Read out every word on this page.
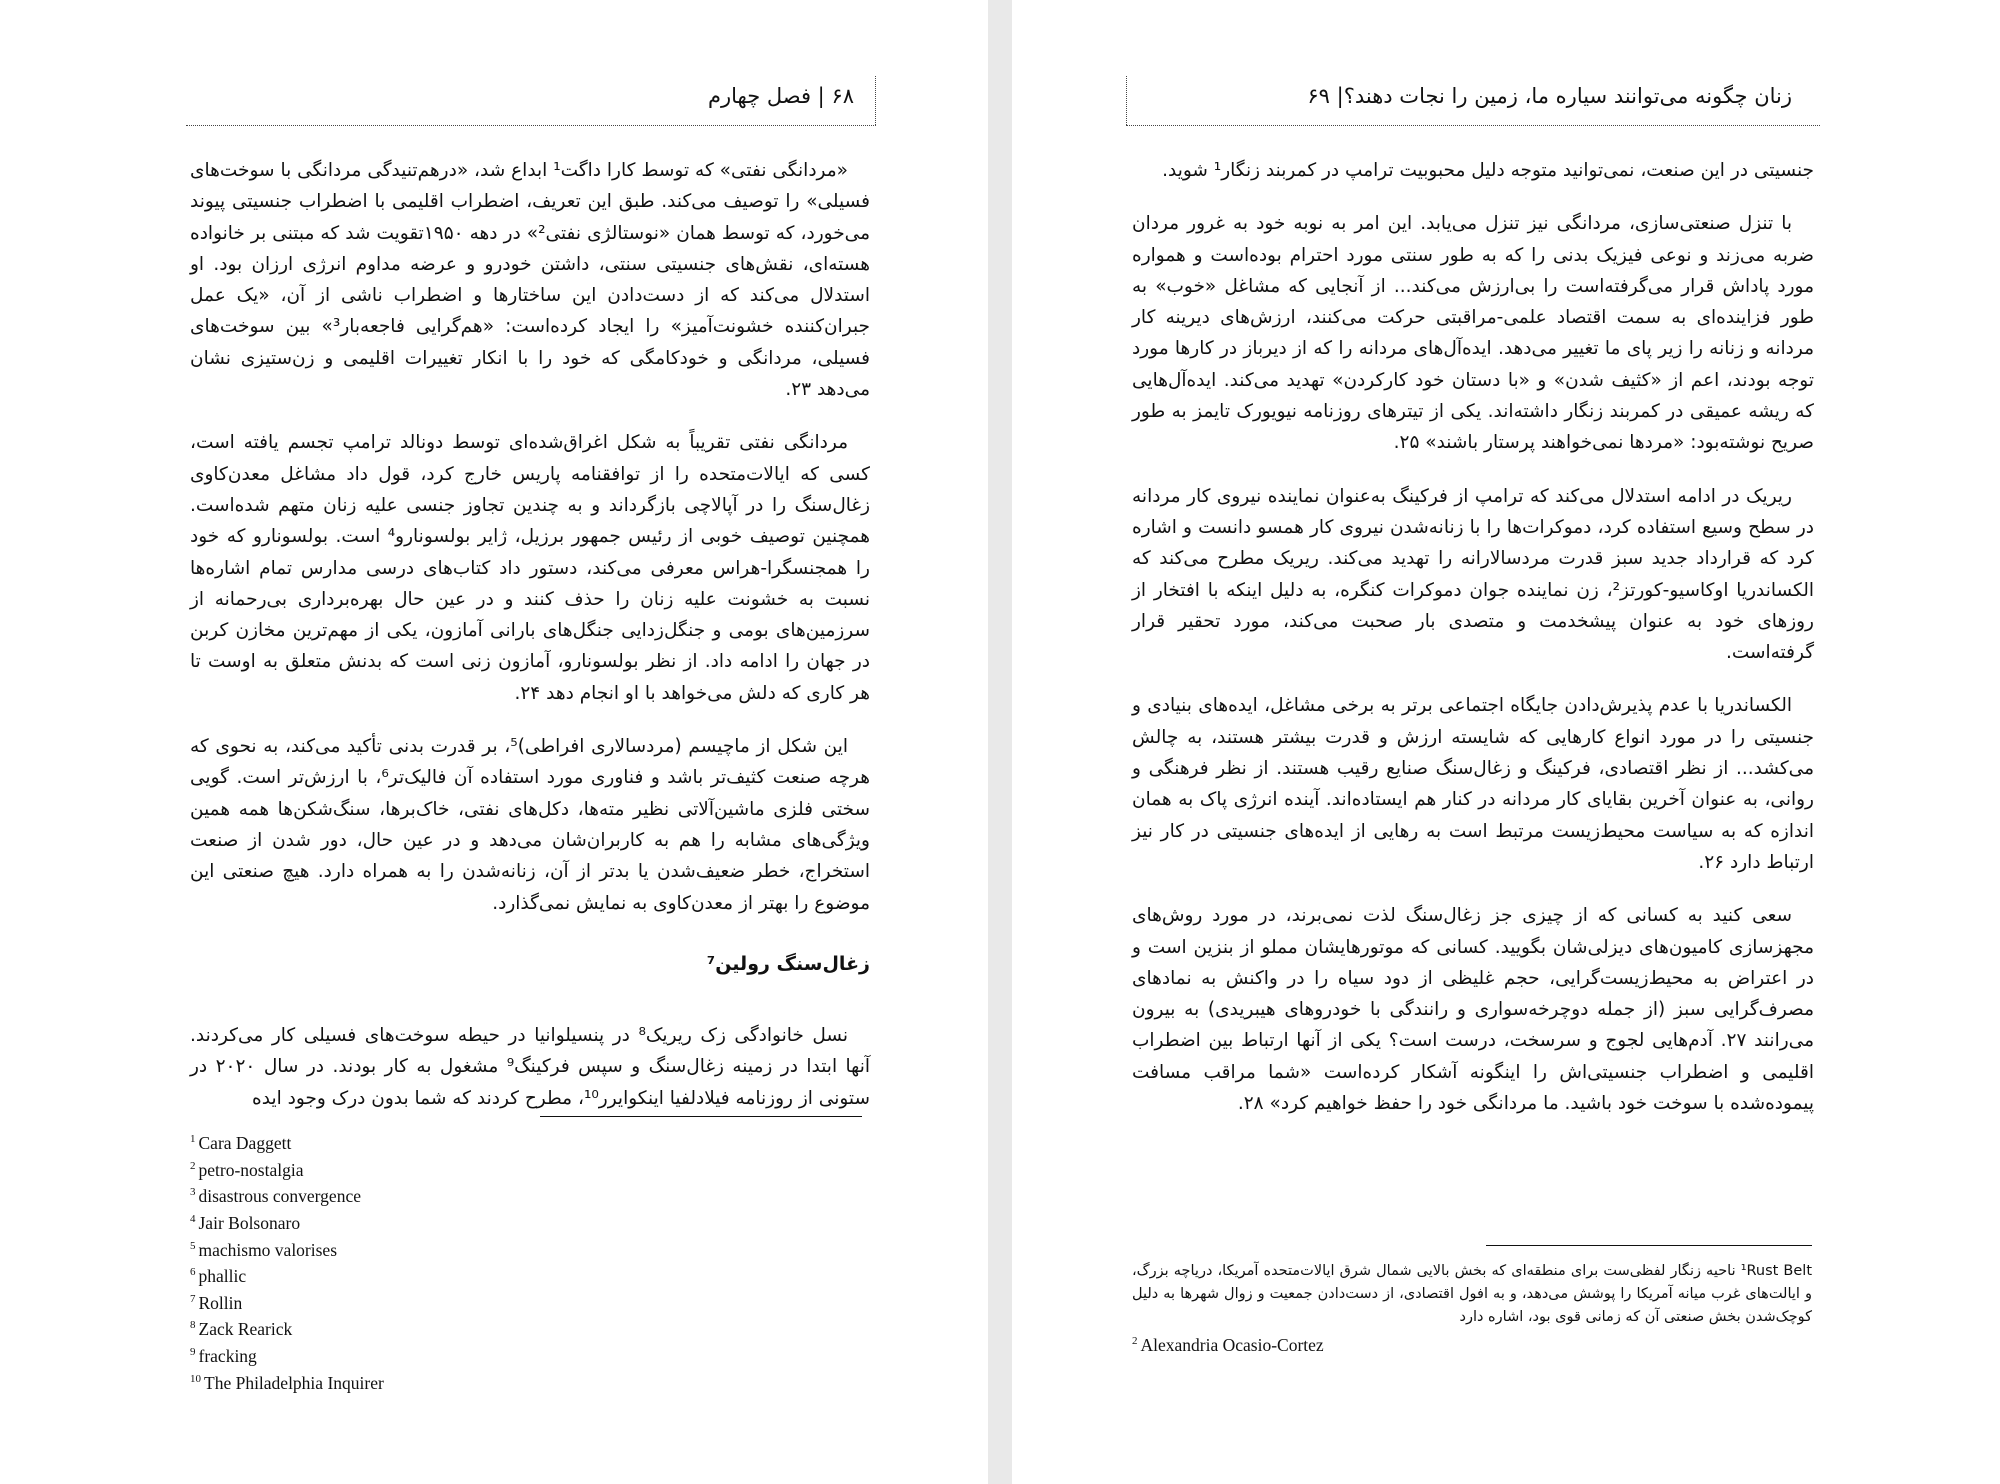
۶۸ | فصل چهارم

«مردانگی نفتی» که توسط کارا داگت¹ ابداع شد، «درهم‌تنیدگی مردانگی با سوخت‌های فسیلی» را توصیف می‌کند. طبق این تعریف، اضطراب اقلیمی با اضطراب جنسیتی پیوند می‌خورد، که توسط همان «نوستالژی نفتی²» در دهه ۱۹۵۰تقویت شد که مبتنی بر خانواده هسته‌ای، نقش‌های جنسیتی سنتی، داشتن خودرو و عرضه مداوم انرژی ارزان بود. او استدلال می‌کند که از دست‌دادن این ساختارها و اضطراب ناشی از آن، «یک عمل جبران‌کننده خشونت‌آمیز» را ایجاد کرده‌است: «هم‌گرایی فاجعه‌بار³» بین سوخت‌های فسیلی، مردانگی و خودکامگی که خود را با انکار تغییرات اقلیمی و زن‌ستیزی نشان می‌دهد ۲۳.

مردانگی نفتی تقریباً به شکل اغراق‌شده‌ای توسط دونالد ترامپ تجسم یافته است، کسی که ایالات‌متحده را از توافقنامه پاریس خارج کرد، قول داد مشاغل معدن‌کاوی زغال‌سنگ را در آپالاچی بازگرداند و به چندین تجاوز جنسی علیه زنان متهم شده‌است. همچنین توصیف خوبی از رئیس جمهور برزیل، ژایر بولسونارو⁴ است. بولسونارو که خود را همجنسگرا-هراس معرفی می‌کند، دستور داد کتاب‌های درسی مدارس تمام اشاره‌ها نسبت به خشونت علیه زنان را حذف کنند و در عین حال بهره‌برداری بی‌رحمانه از سرزمین‌های بومی و جنگل‌زدایی جنگل‌های بارانی آمازون، یکی از مهم‌ترین مخازن کربن در جهان را ادامه داد. از نظر بولسونارو، آمازون زنی است که بدنش متعلق به اوست تا هر کاری که دلش می‌خواهد با او انجام دهد ۲۴.

این شکل از ماچیسم (مردسالاری افراطی)⁵، بر قدرت بدنی تأکید می‌کند، به نحوی که هرچه صنعت کثیف‌تر باشد و فناوری مورد استفاده آن فالیک‌تر⁶، با ارزش‌تر است. گویی سختی فلزی ماشین‌آلاتی نظیر مته‌ها، دکل‌های نفتی، خاک‌برها، سنگ‌شکن‌ها همه همین ویژگی‌های مشابه را هم به کاربران‌شان می‌دهد و در عین حال، دور شدن از صنعت استخراج، خطر ضعیف‌شدن یا بدتر از آن، زنانه‌شدن را به همراه دارد. هیچ صنعتی این موضوع را بهتر از معدن‌کاوی به نمایش نمی‌گذارد.

زغال‌سنگ رولین⁷

نسل خانوادگی زک ریریک⁸ در پنسیلوانیا در حیطه سوخت‌های فسیلی کار می‌کردند. آنها ابتدا در زمینه زغال‌سنگ و سپس فرکینگ⁹ مشغول به کار بودند. در سال ۲۰۲۰ در ستونی از روزنامه فیلادلفیا اینکوایرر¹⁰، مطرح کردند که شما بدون درک وجود ایده

$^1$ Cara Daggett
$^2$ petro-nostalgia
$^3$ disastrous convergence
$^4$ Jair Bolsonaro
$^5$ machismo valorises
$^6$ phallic
$^7$ Rollin
$^8$ Zack Rearick
$^9$ fracking
$^{10}$ The Philadelphia Inquirer
زنان چگونه می‌توانند سیاره ما، زمین را نجات دهند؟| ۶۹

جنسیتی در این صنعت، نمی‌توانید متوجه دلیل محبوبیت ترامپ در کمربند زنگار¹ شوید.

با تنزل صنعتی‌سازی، مردانگی نیز تنزل می‌یابد. این امر به نوبه خود به غرور مردان ضربه می‌زند و نوعی فیزیک بدنی را که به طور سنتی مورد احترام بوده‌است و همواره مورد پاداش قرار می‌گرفته‌است را بی‌ارزش می‌کند... از آنجایی که مشاغل «خوب» به طور فزاینده‌ای به سمت اقتصاد علمی-مراقبتی حرکت می‌کنند، ارزش‌های دیرینه کار مردانه و زنانه را زیر پای ما تغییر می‌دهد. ایده‌آل‌های مردانه را که از دیرباز در کارها مورد توجه بودند، اعم از «کثیف شدن» و «با دستان خود کارکردن» تهدید می‌کند. ایده‌آل‌هایی که ریشه عمیقی در کمربند زنگار داشته‌اند. یکی از تیترهای روزنامه نیویورک تایمز به طور صریح نوشته‌بود: «مردها نمی‌خواهند پرستار باشند» ۲۵.

ریریک در ادامه استدلال می‌کند که ترامپ از فرکینگ به‌عنوان نماینده نیروی کار مردانه در سطح وسیع استفاده کرد، دموکرات‌ها را با زنانه‌شدن نیروی کار همسو دانست و اشاره کرد که قرارداد جدید سبز قدرت مردسالارانه را تهدید می‌کند. ریریک مطرح می‌کند که الکساندریا اوکاسیو-کورتز²، زن نماینده جوان دموکرات کنگره، به دلیل اینکه با افتخار از روزهای خود به عنوان پیشخدمت و متصدی بار صحبت می‌کند، مورد تحقیر قرار گرفته‌است.

الکساندریا با عدم پذیرش‌دادن جایگاه اجتماعی برتر به برخی مشاغل، ایده‌های بنیادی و جنسیتی را در مورد انواع کارهایی که شایسته ارزش و قدرت بیشتر هستند، به چالش می‌کشد... از نظر اقتصادی، فرکینگ و زغال‌سنگ صنایع رقیب هستند. از نظر فرهنگی و روانی، به عنوان آخرین بقایای کار مردانه در کنار هم ایستاده‌اند. آینده انرژی پاک به همان اندازه که به سیاست محیط‌زیست مرتبط است به رهایی از ایده‌های جنسیتی در کار نیز ارتباط دارد ۲۶.

سعی کنید به کسانی که از چیزی جز زغال‌سنگ لذت نمی‌برند، در مورد روش‌های مجهزسازی کامیون‌های دیزلی‌شان بگویید. کسانی که موتورهایشان مملو از بنزین است و در اعتراض به محیط‌زیست‌گرایی، حجم غلیظی از دود سیاه را در واکنش به نمادهای مصرف‌گرایی سبز (از جمله دوچرخه‌سواری و رانندگی با خودروهای هیبریدی) به بیرون می‌رانند ۲۷. آدم‌هایی لجوج و سرسخت، درست است؟ یکی از آنها ارتباط بین اضطراب اقلیمی و اضطراب جنسیتی‌اش را اینگونه آشکار کرده‌است «شما مراقب مسافت پیموده‌شده با سوخت خود باشید. ما مردانگی خود را حفظ خواهیم کرد» ۲۸.

¹Rust Belt ناحیه زنگار لفظی‌ست برای منطقه‌ای که بخش بالایی شمال شرق ایالات‌متحده آمریکا، دریاچه بزرگ، و ایالت‌های غرب میانه آمریکا را پوشش می‌دهد، و به افول اقتصادی، از دست‌دادن جمعیت و زوال شهرها به دلیل کوچک‌شدن بخش صنعتی آن که زمانی قوی بود، اشاره دارد
$^2$ Alexandria Ocasio-Cortez
